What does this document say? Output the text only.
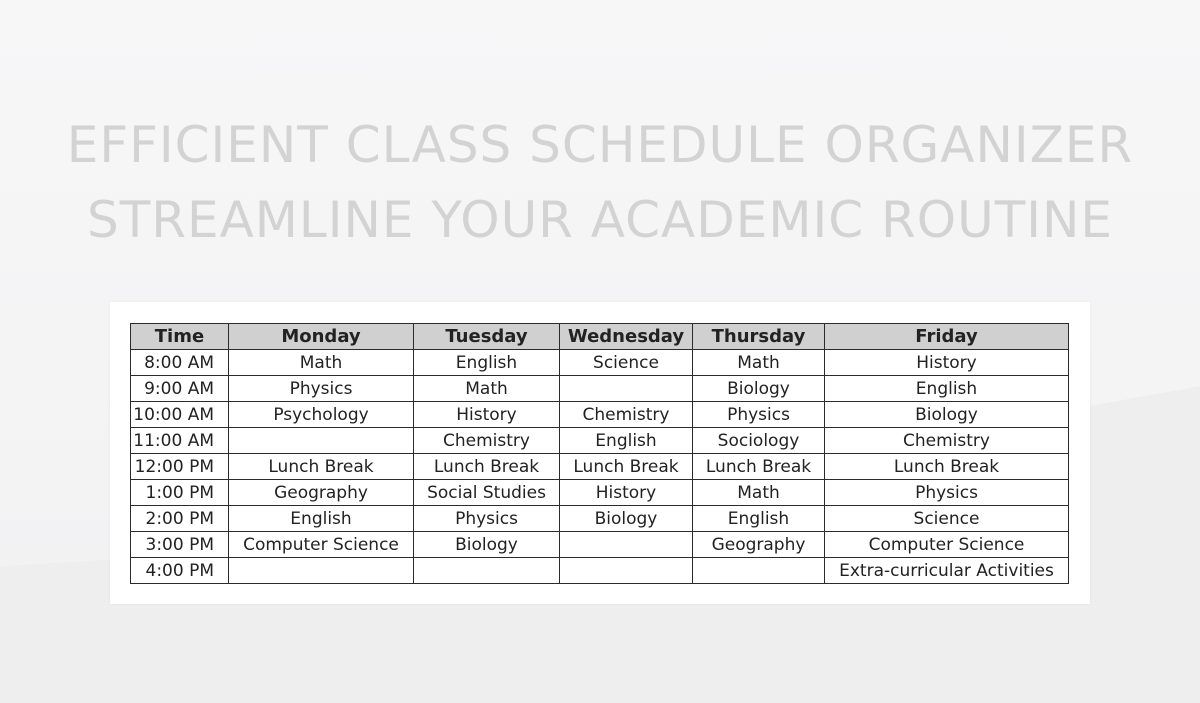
EFFICIENT CLASS SCHEDULE ORGANIZER
STREAMLINE YOUR ACADEMIC ROUTINE
Time	Monday	Tuesday	Wednesday	Thursday	Friday
8:00 AM	Math	English	Science	Math	History
9:00 AM	Physics	Math		Biology	English
10:00 AM	Psychology	History	Chemistry	Physics	Biology
11:00 AM		Chemistry	English	Sociology	Chemistry
12:00 PM	Lunch Break	Lunch Break	Lunch Break	Lunch Break	Lunch Break
1:00 PM	Geography	Social Studies	History	Math	Physics
2:00 PM	English	Physics	Biology	English	Science
3:00 PM	Computer Science	Biology		Geography	Computer Science
4:00 PM					Extra-curricular Activities
